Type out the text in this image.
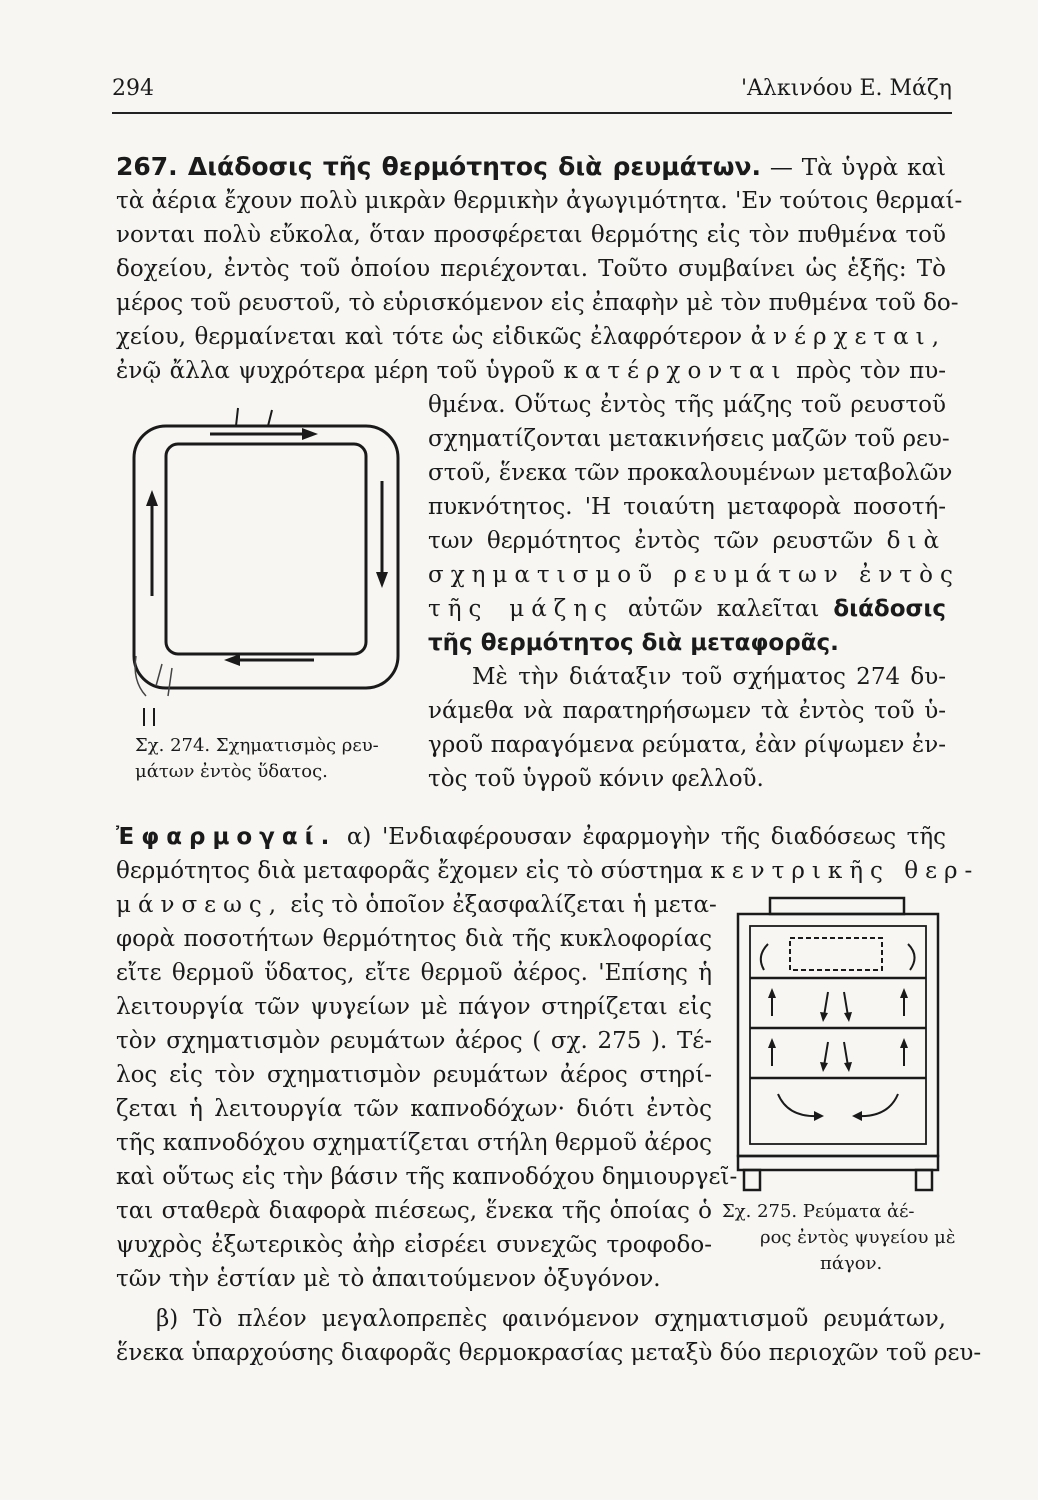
294	'Αλκινόου Ε. Μάζη
267. Διάδοσις τῆς θερμότητος διὰ ρευμάτων. — Τὰ ὑγρὰ καὶ
τὰ ἀέρια ἔχουν πολὺ μικρὰν θερμικὴν ἀγωγιμότητα. 'Εν τούτοις θερμαί-
νονται πολὺ εὔκολα, ὅταν προσφέρεται θερμότης εἰς τὸν πυθμένα τοῦ
δοχείου, ἐντὸς τοῦ ὁποίου περιέχονται. Τοῦτο συμβαίνει ὡς ἑξῆς: Τὸ
μέρος τοῦ ρευστοῦ, τὸ εὑρισκόμενον εἰς ἐπαφὴν μὲ τὸν πυθμένα τοῦ δο-
χείου, θερμαίνεται καὶ τότε ὡς εἰδικῶς ἐλαφρότερον ἀνέρχεται,
ἐνῷ ἄλλα ψυχρότερα μέρη τοῦ ὑγροῦ κατέρχονται πρὸς τὸν πυ-
θμένα. Οὕτως ἐντὸς τῆς μάζης τοῦ ρευστοῦ
σχηματίζονται μετακινήσεις μαζῶν τοῦ ρευ-
στοῦ, ἕνεκα τῶν προκαλουμένων μεταβολῶν
πυκνότητος. 'Η τοιαύτη μεταφορὰ ποσοτή-
των θερμότητος ἐντὸς τῶν ρευστῶν διὰ
σχηματισμοῦ ρευμάτων ἐντὸς
τῆς μάζης αὐτῶν καλεῖται διάδοσις
τῆς θερμότητος διὰ μεταφορᾶς.
Μὲ τὴν διάταξιν τοῦ σχήματος 274 δυ-
νάμεθα νὰ παρατηρήσωμεν τὰ ἐντὸς τοῦ ὑ-
γροῦ παραγόμενα ρεύματα, ἐὰν ρίψωμεν ἐν-
τὸς τοῦ ὑγροῦ κόνιν φελλοῦ.
Σχ. 274. Σχηματισμὸς ρευ-
μάτων ἐντὸς ὕδατος.
Ἐφαρμογαί. α) 'Ενδιαφέρουσαν ἐφαρμογὴν τῆς διαδόσεως τῆς
θερμότητος διὰ μεταφορᾶς ἔχομεν εἰς τὸ σύστημα κεντρικῆς θερ-
μάνσεως, εἰς τὸ ὁποῖον ἐξασφαλίζεται ἡ μετα-
φορὰ ποσοτήτων θερμότητος διὰ τῆς κυκλοφορίας
εἴτε θερμοῦ ὕδατος, εἴτε θερμοῦ ἀέρος. 'Επίσης ἡ
λειτουργία τῶν ψυγείων μὲ πάγον στηρίζεται εἰς
τὸν σχηματισμὸν ρευμάτων ἀέρος ( σχ. 275 ). Τέ-
λος εἰς τὸν σχηματισμὸν ρευμάτων ἀέρος στηρί-
ζεται ἡ λειτουργία τῶν καπνοδόχων· διότι ἐντὸς
τῆς καπνοδόχου σχηματίζεται στήλη θερμοῦ ἀέρος
καὶ οὕτως εἰς τὴν βάσιν τῆς καπνοδόχου δημιουργεῖ-
ται σταθερὰ διαφορὰ πιέσεως, ἕνεκα τῆς ὁποίας ὁ
ψυχρὸς ἐξωτερικὸς ἀὴρ εἰσρέει συνεχῶς τροφοδο-
τῶν τὴν ἑστίαν μὲ τὸ ἀπαιτούμενον ὀξυγόνον.
Σχ. 275. Ρεύματα ἀέ-
ρος ἐντὸς ψυγείου μὲ
πάγον.
β) Τὸ πλέον μεγαλοπρεπὲς φαινόμενον σχηματισμοῦ ρευμάτων,
ἕνεκα ὑπαρχούσης διαφορᾶς θερμοκρασίας μεταξὺ δύο περιοχῶν τοῦ ρευ-
